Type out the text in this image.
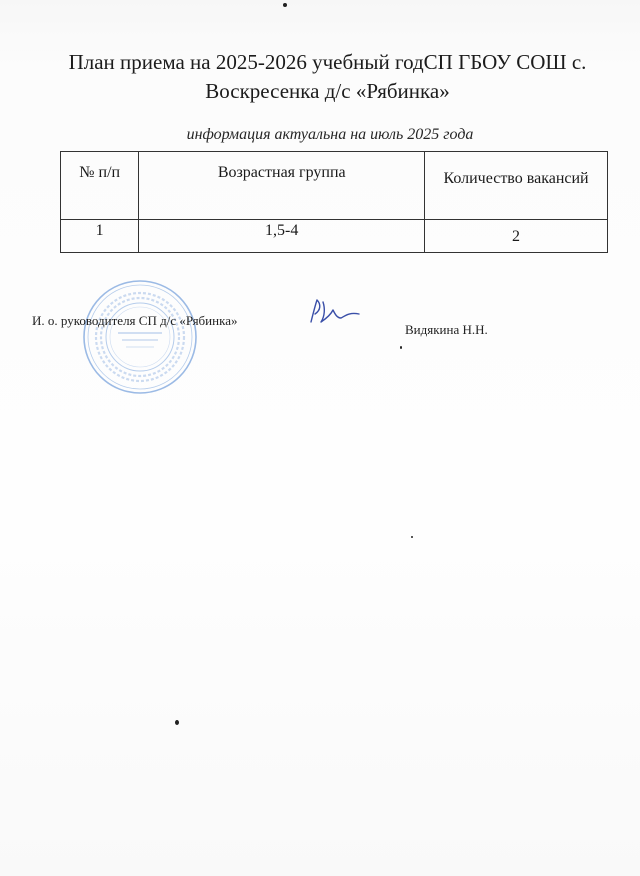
План приема на 2025-2026 учебный годСП ГБОУ СОШ с. Воскресенка д/с «Рябинка»

информация актуальна на июль 2025 года

№ п/п	Возрастная группа	Количество вакансий
1	1,5-4	2
И. о. руководителя СП д/с «Рябинка»
Видякина Н.Н.
